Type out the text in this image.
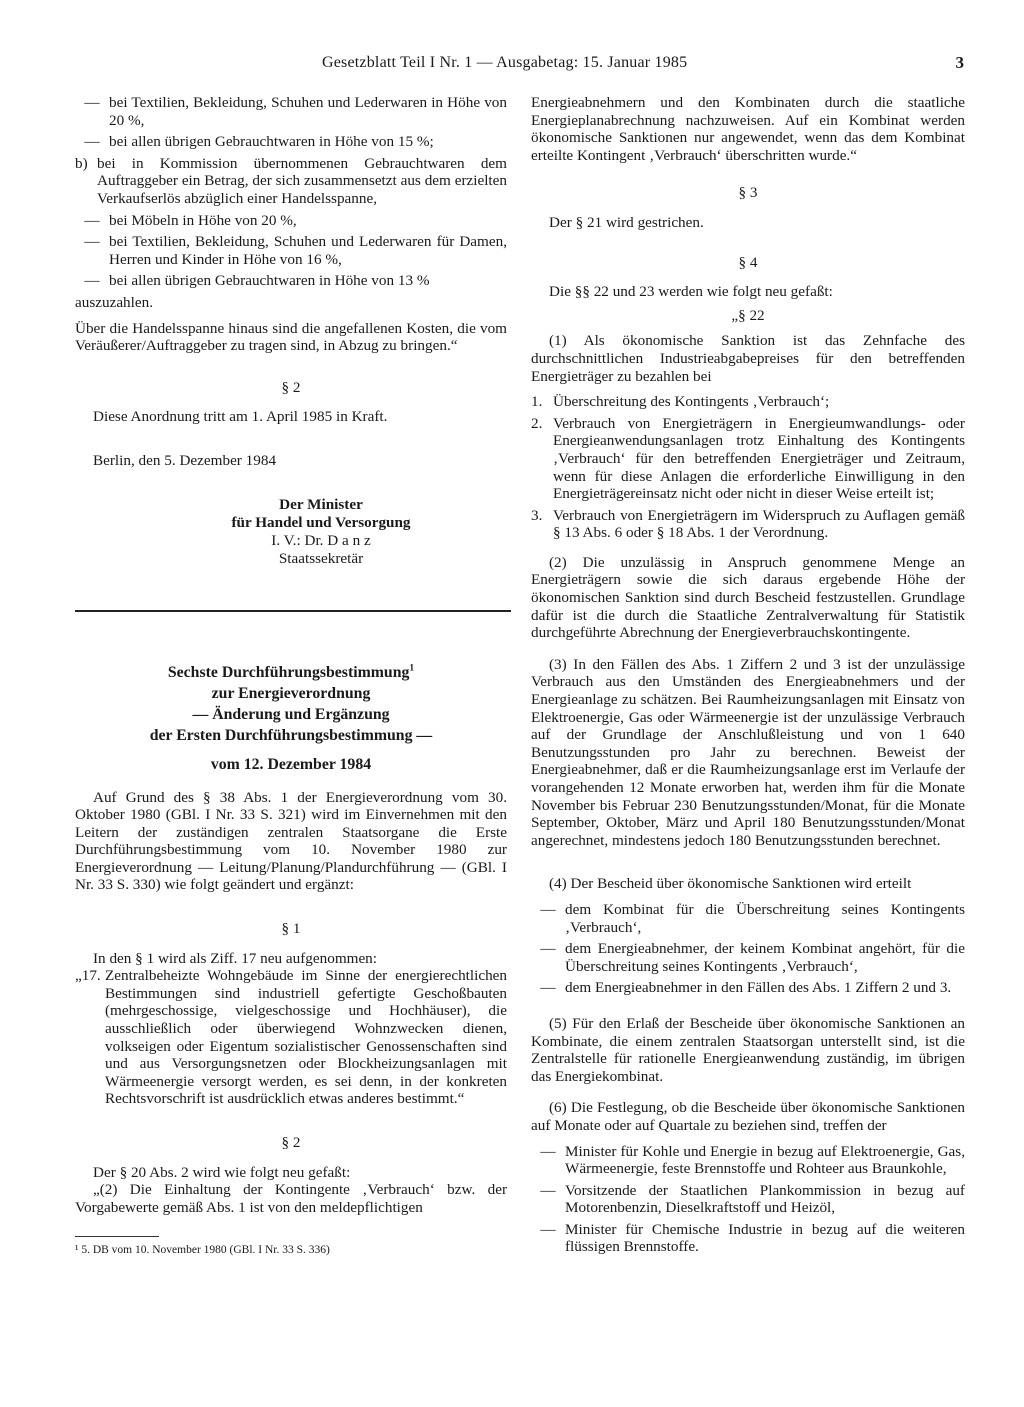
Gesetzblatt Teil I Nr. 1 — Ausgabetag: 15. Januar 1985	3
— bei Textilien, Bekleidung, Schuhen und Lederwaren in Höhe von 20 %,
— bei allen übrigen Gebrauchtwaren in Höhe von 15 %;
b) bei in Kommission übernommenen Gebrauchtwaren dem Auftraggeber ein Betrag, der sich zusammensetzt aus dem erzielten Verkaufserlös abzüglich einer Handelsspanne,
— bei Möbeln in Höhe von 20 %,
— bei Textilien, Bekleidung, Schuhen und Lederwaren für Damen, Herren und Kinder in Höhe von 16 %,
— bei allen übrigen Gebrauchtwaren in Höhe von 13 %

auszuzahlen.

Über die Handelsspanne hinaus sind die angefallenen Kosten, die vom Veräußerer/Auftraggeber zu tragen sind, in Abzug zu bringen.“

§ 2

Diese Anordnung tritt am 1. April 1985 in Kraft.

Berlin, den 5. Dezember 1984

Der Minister
für Handel und Versorgung
I. V.: Dr. D a n z
Staatssekretär
Sechste Durchführungsbestimmung$^1$
zur Energieverordnung
— Änderung und Ergänzung
der Ersten Durchführungsbestimmung —
vom 12. Dezember 1984

Auf Grund des § 38 Abs. 1 der Energieverordnung vom 30. Oktober 1980 (GBl. I Nr. 33 S. 321) wird im Einvernehmen mit den Leitern der zuständigen zentralen Staatsorgane die Erste Durchführungsbestimmung vom 10. November 1980 zur Energieverordnung — Leitung/Planung/Plandurchführung — (GBl. I Nr. 33 S. 330) wie folgt geändert und ergänzt:

§ 1

In den § 1 wird als Ziff. 17 neu aufgenommen:

„17. Zentralbeheizte Wohngebäude im Sinne der energierechtlichen Bestimmungen sind industriell gefertigte Geschoßbauten (mehrgeschossige, vielgeschossige und Hochhäuser), die ausschließlich oder überwiegend Wohnzwecken dienen, volkseigen oder Eigentum sozialistischer Genossenschaften sind und aus Versorgungsnetzen oder Blockheizungsanlagen mit Wärmeenergie versorgt werden, es sei denn, in der konkreten Rechtsvorschrift ist ausdrücklich etwas anderes bestimmt.“

§ 2

Der § 20 Abs. 2 wird wie folgt neu gefaßt:

„(2) Die Einhaltung der Kontingente ‚Verbrauch‘ bzw. der Vorgabewerte gemäß Abs. 1 ist von den meldepflichtigen

¹ 5. DB vom 10. November 1980 (GBl. I Nr. 33 S. 336)

Energieabnehmern und den Kombinaten durch die staatliche Energieplanabrechnung nachzuweisen. Auf ein Kombinat werden ökonomische Sanktionen nur angewendet, wenn das dem Kombinat erteilte Kontingent ‚Verbrauch‘ überschritten wurde.“

§ 3

Der § 21 wird gestrichen.

§ 4

Die §§ 22 und 23 werden wie folgt neu gefaßt:

„§ 22

(1) Als ökonomische Sanktion ist das Zehnfache des durchschnittlichen Industrieabgabepreises für den betreffenden Energieträger zu bezahlen bei

1. Überschreitung des Kontingents ‚Verbrauch‘;
2. Verbrauch von Energieträgern in Energieumwandlungs- oder Energieanwendungsanlagen trotz Einhaltung des Kontingents ‚Verbrauch‘ für den betreffenden Energieträger und Zeitraum, wenn für diese Anlagen die erforderliche Einwilligung in den Energieträgereinsatz nicht oder nicht in dieser Weise erteilt ist;
3. Verbrauch von Energieträgern im Widerspruch zu Auflagen gemäß § 13 Abs. 6 oder § 18 Abs. 1 der Verordnung.

(2) Die unzulässig in Anspruch genommene Menge an Energieträgern sowie die sich daraus ergebende Höhe der ökonomischen Sanktion sind durch Bescheid festzustellen. Grundlage dafür ist die durch die Staatliche Zentralverwaltung für Statistik durchgeführte Abrechnung der Energieverbrauchskontingente.

(3) In den Fällen des Abs. 1 Ziffern 2 und 3 ist der unzulässige Verbrauch aus den Umständen des Energieabnehmers und der Energieanlage zu schätzen. Bei Raumheizungsanlagen mit Einsatz von Elektroenergie, Gas oder Wärmeenergie ist der unzulässige Verbrauch auf der Grundlage der Anschlußleistung und von 1 640 Benutzungsstunden pro Jahr zu berechnen. Beweist der Energieabnehmer, daß er die Raumheizungsanlage erst im Verlaufe der vorangehenden 12 Monate erworben hat, werden ihm für die Monate November bis Februar 230 Benutzungsstunden/Monat, für die Monate September, Oktober, März und April 180 Benutzungsstunden/Monat angerechnet, mindestens jedoch 180 Benutzungsstunden berechnet.

(4) Der Bescheid über ökonomische Sanktionen wird erteilt

— dem Kombinat für die Überschreitung seines Kontingents ‚Verbrauch‘,
— dem Energieabnehmer, der keinem Kombinat angehört, für die Überschreitung seines Kontingents ‚Verbrauch‘,
— dem Energieabnehmer in den Fällen des Abs. 1 Ziffern 2 und 3.

(5) Für den Erlaß der Bescheide über ökonomische Sanktionen an Kombinate, die einem zentralen Staatsorgan unterstellt sind, ist die Zentralstelle für rationelle Energieanwendung zuständig, im übrigen das Energiekombinat.

(6) Die Festlegung, ob die Bescheide über ökonomische Sanktionen auf Monate oder auf Quartale zu beziehen sind, treffen der

— Minister für Kohle und Energie in bezug auf Elektroenergie, Gas, Wärmeenergie, feste Brennstoffe und Rohteer aus Braunkohle,
— Vorsitzende der Staatlichen Plankommission in bezug auf Motorenbenzin, Dieselkraftstoff und Heizöl,
— Minister für Chemische Industrie in bezug auf die weiteren flüssigen Brennstoffe.
